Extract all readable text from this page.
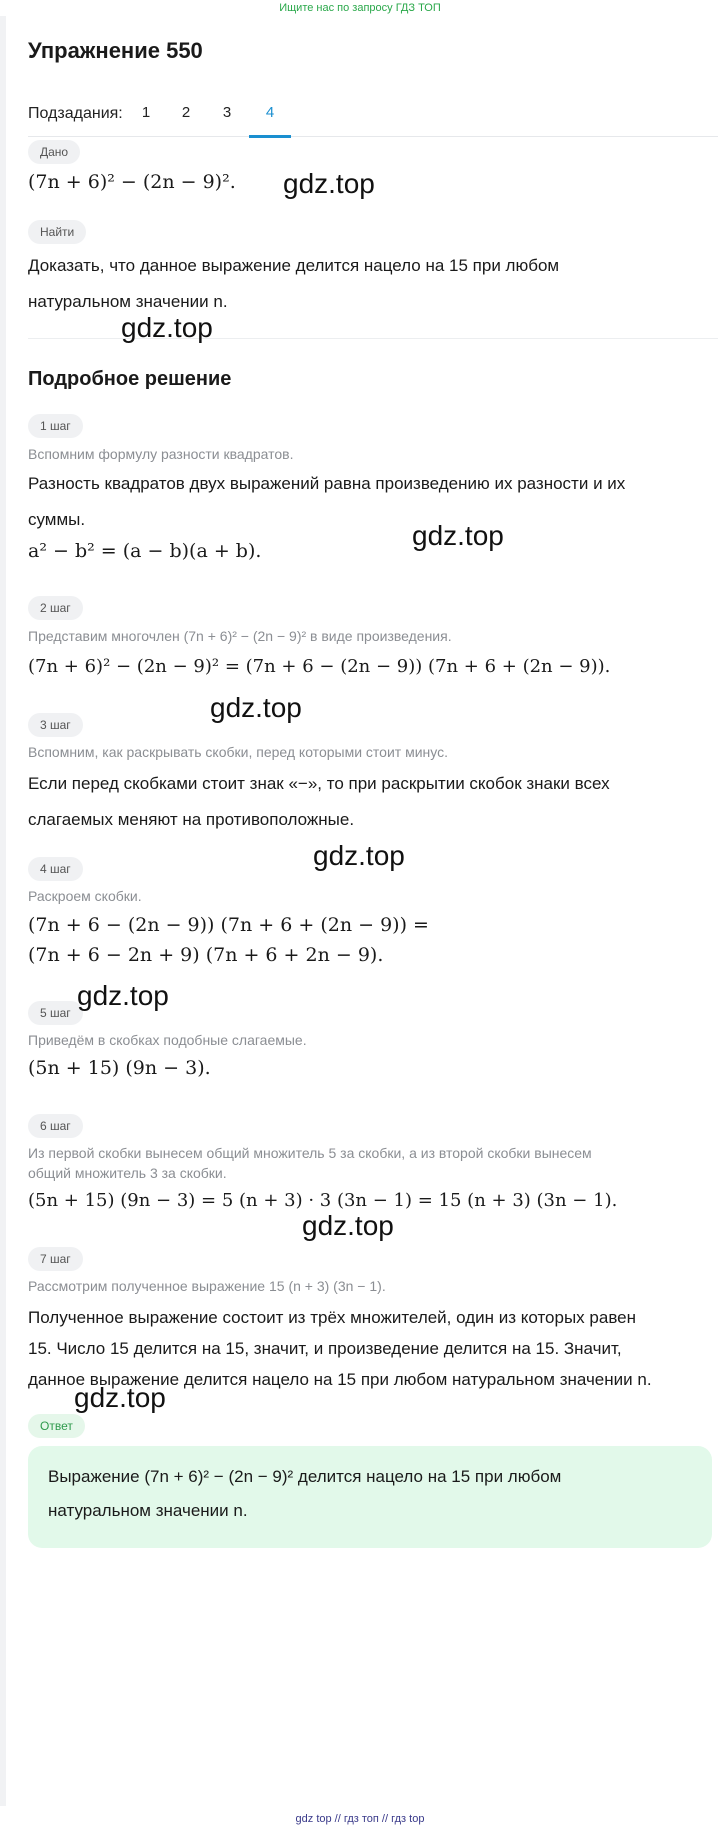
Ищите нас по запросу ГДЗ ТОП
Упражнение 550
Подзадания:	1	2	3	4
Дано
(7n + 6)² − (2n − 9)².
Найти
Доказать, что данное выражение делится нацело на 15 при любом
натуральном значении n.
Подробное решение
1 шаг
Вспомним формулу разности квадратов.
Разность квадратов двух выражений равна произведению их разности и их
суммы.
a² − b² = (a − b)(a + b).
2 шаг
Представим многочлен (7n + 6)² − (2n − 9)² в виде произведения.
(7n + 6)² − (2n − 9)² = (7n + 6 − (2n − 9)) (7n + 6 + (2n − 9)).
3 шаг
Вспомним, как раскрывать скобки, перед которыми стоит минус.
Если перед скобками стоит знак «−», то при раскрытии скобок знаки всех
слагаемых меняют на противоположные.
4 шаг
Раскроем скобки.
(7n + 6 − (2n − 9)) (7n + 6 + (2n − 9)) =
(7n + 6 − 2n + 9) (7n + 6 + 2n − 9).
5 шаг
Приведём в скобках подобные слагаемые.
(5n + 15) (9n − 3).
6 шаг
Из первой скобки вынесем общий множитель 5 за скобки, а из второй скобки вынесем
общий множитель 3 за скобки.
(5n + 15) (9n − 3) = 5 (n + 3) · 3 (3n − 1) = 15 (n + 3) (3n − 1).
7 шаг
Рассмотрим полученное выражение 15 (n + 3) (3n − 1).
Полученное выражение состоит из трёх множителей, один из которых равен
15. Число 15 делится на 15, значит, и произведение делится на 15. Значит,
данное выражение делится нацело на 15 при любом натуральном значении n.
Ответ
Выражение (7n + 6)² − (2n − 9)² делится нацело на 15 при любом
натуральном значении n.
gdz.top
gdz.top
gdz.top
gdz.top
gdz.top
gdz.top
gdz.top
gdz.top
gdz top // гдз топ // гдз top
